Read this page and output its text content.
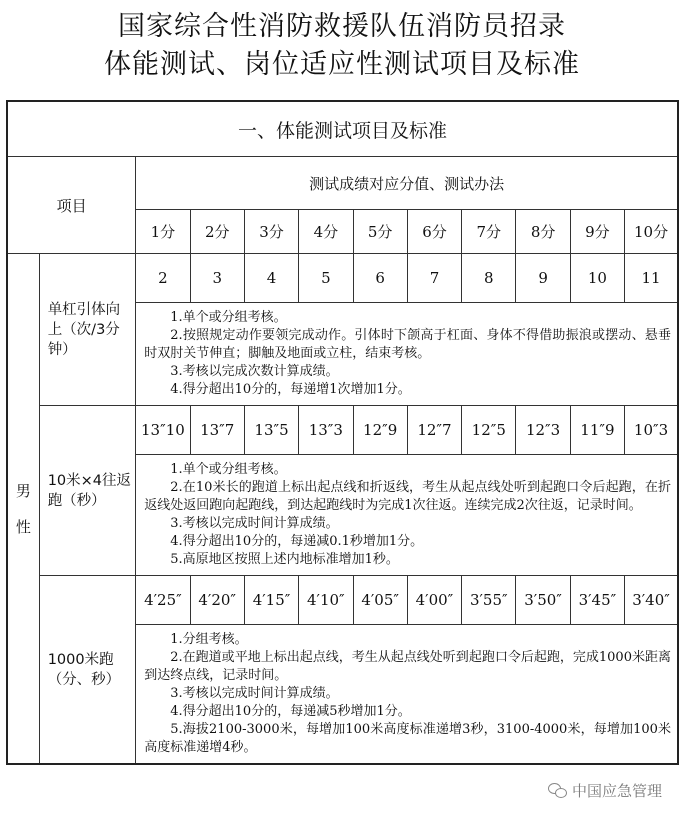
国家综合性消防救援队伍消防员招录
体能测试、岗位适应性测试项目及标准
一、体能测试项目及标准											
项目		测试成绩对应分值、测试办法									
		1分	2分	3分	4分	5分	6分	7分	8分	9分	10分

男
性	单杠引体向上（次/3分钟）	2	3	4	5	6	7	8	9	10	11

		1.单个或分组考核。
2.按照规定动作要领完成动作。引体时下颌高于杠面、身体不得借助振浪或摆动、悬垂时双肘关节伸直；脚触及地面或立柱，结束考核。
3.考核以完成次数计算成绩。
4.得分超出10分的，每递增1次增加1分。									

	10米×4往返跑（秒）	13″10	13″7	13″5	13″3	12″9	12″7	12″5	12″3	11″9	10″3

		1.单个或分组考核。
2.在10米长的跑道上标出起点线和折返线，考生从起点线处听到起跑口令后起跑，在折返线处返回跑向起跑线，到达起跑线时为完成1次往返。连续完成2次往返，记录时间。
3.考核以完成时间计算成绩。
4.得分超出10分的，每递减0.1秒增加1分。
5.高原地区按照上述内地标准增加1秒。									

	1000米跑（分、秒）	4′25″	4′20″	4′15″	4′10″	4′05″	4′00″	3′55″	3′50″	3′45″	3′40″

		1.分组考核。
2.在跑道或平地上标出起点线，考生从起点线处听到起跑口令后起跑，完成1000米距离到达终点线，记录时间。
3.考核以完成时间计算成绩。
4.得分超出10分的，每递减5秒增加1分。
5.海拔2100-3000米，每增加100米高度标准递增3秒，3100-4000米，每增加100米高度标准递增4秒。									
中国应急管理
